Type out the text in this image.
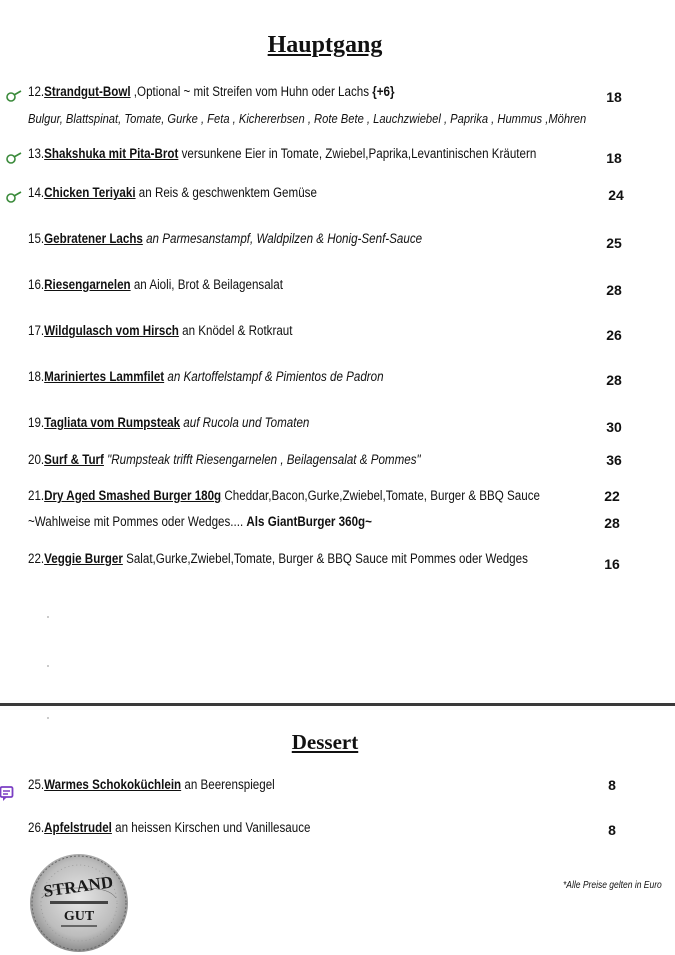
Hauptgang
12.Strandgut-Bowl ,Optional ~ mit Streifen vom Huhn oder Lachs {+6}	18
Bulgur, Blattspinat, Tomate, Gurke , Feta , Kichererbsen , Rote Bete , Lauchzwiebel , Paprika , Hummus ,Möhren
13.Shakshuka mit Pita-Brot versunkene Eier in Tomate, Zwiebel,Paprika,Levantinischen Kräutern	18
14.Chicken Teriyaki an Reis & geschwenktem Gemüse	24
15.Gebratener Lachs an Parmesanstampf, Waldpilzen & Honig-Senf-Sauce	25
16.Riesengarnelen an Aioli, Brot & Beilagensalat	28
17.Wildgulasch vom Hirsch an Knödel & Rotkraut	26
18.Mariniertes Lammfilet an Kartoffelstampf & Pimientos de Padron	28
19.Tagliata vom Rumpsteak auf Rucola und Tomaten	30
20.Surf & Turf "Rumpsteak trifft Riesengarnelen , Beilagensalat & Pommes"	36
21.Dry Aged Smashed Burger 180g Cheddar,Bacon,Gurke,Zwiebel,Tomate, Burger & BBQ Sauce	22
~Wahlweise mit Pommes oder Wedges.... Als GiantBurger 360g~	28
22.Veggie Burger Salat,Gurke,Zwiebel,Tomate, Burger & BBQ Sauce mit Pommes oder Wedges	16
Dessert
25.Warmes Schokoküchlein an Beerenspiegel	8
26.Apfelstrudel an heissen Kirschen und Vanillesauce	8
STRAND
GUT
*Alle Preise gelten in Euro
